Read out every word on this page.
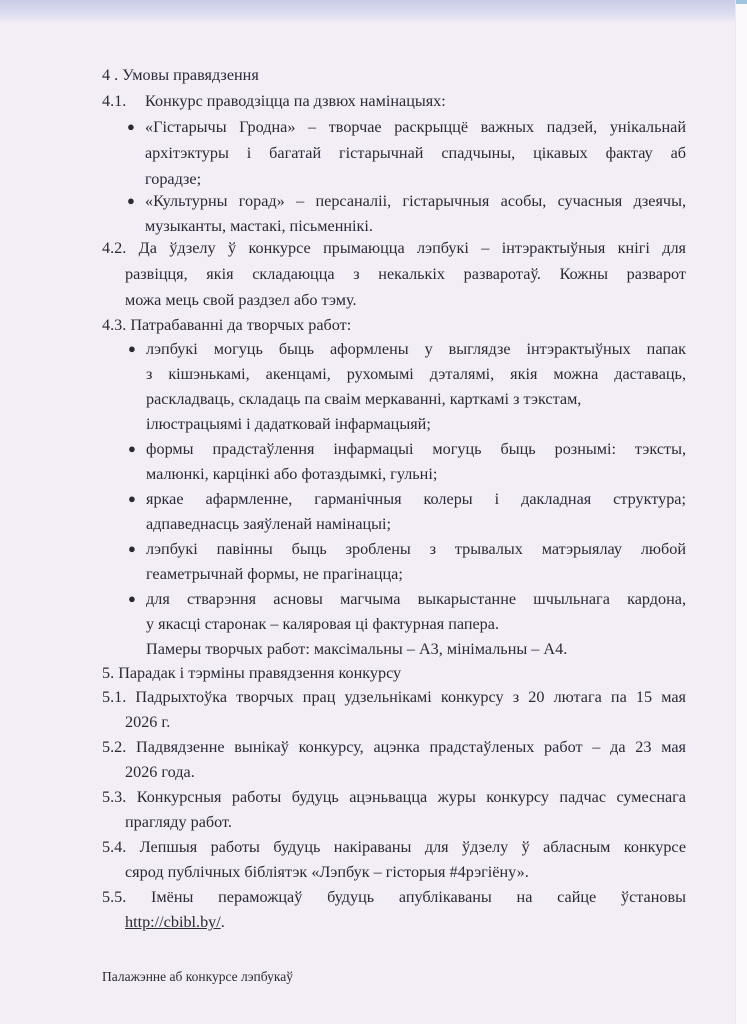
4 . Умовы правядзення
4.1. Конкурс праводзіцца па дзвюх намінацыях:
● «Гістарычы Гродна» – творчае раскрыццё важных падзей, унікальнай
архітэктуры і багатай гістарычнай спадчыны, цікавых фактау аб
горадзе;
● «Культурны горад» – персаналіі, гістарычныя асобы, сучасныя дзеячы,
музыканты, мастакі, пісьменнікі.
4.2. Да ўдзелу ў конкурсе прымаюцца лэпбукі – інтэрактыўныя кнігі для
развіцця, якія складаюцца з некалькіх разваротаў. Кожны разварот
можа мець свой раздзел або тэму.
4.3. Патрабаванні да творчых работ:
● лэпбукі могуць быць аформлены у выглядзе інтэрактыўных папак
з кішэнькамі, акенцамі, рухомымі дэталямі, якія можна даставаць,
раскладваць, складаць па сваім меркаванні, карткамі з тэкстам,
ілюстрацыямі і дадатковай інфармацыяй;
● формы прадстаўлення інфармацыі могуць быць рознымі: тэксты,
малюнкі, карцінкі або фотаздымкі, гульні;
● яркае афармленне, гарманічныя колеры і дакладная структура;
адпаведнасць заяўленай намінацыі;
● лэпбукі павінны быць зроблены з трывалых матэрыялау любой
геаметрычнай формы, не прагінацца;
● для стварэння асновы магчыма выкарыстанне шчыльнага кардона,
у якасці старонак – каляровая ці фактурная папера.
Памеры творчых работ: максімальны – А3, мінімальны – А4.
5. Парадак і тэрміны правядзення конкурсу
5.1. Падрыхтоўка творчых прац удзельнікамі конкурсу з 20 лютага па 15 мая
2026 г.
5.2. Падвядзенне вынікаў конкурсу, ацэнка прадстаўленых работ – да 23 мая
2026 года.
5.3. Конкурсныя работы будуць ацэньвацца журы конкурсу падчас сумеснага
прагляду работ.
5.4. Лепшыя работы будуць накіраваны для ўдзелу ў абласным конкурсе
сярод публічных бібліятэк «Лэпбук – гісторыя #4рэгіёну».
5.5. Імёны пераможцаў будуць апублікаваны на сайце ўстановы
http://cbibl.by/.
Палажэнне аб конкурсе лэпбукаў
